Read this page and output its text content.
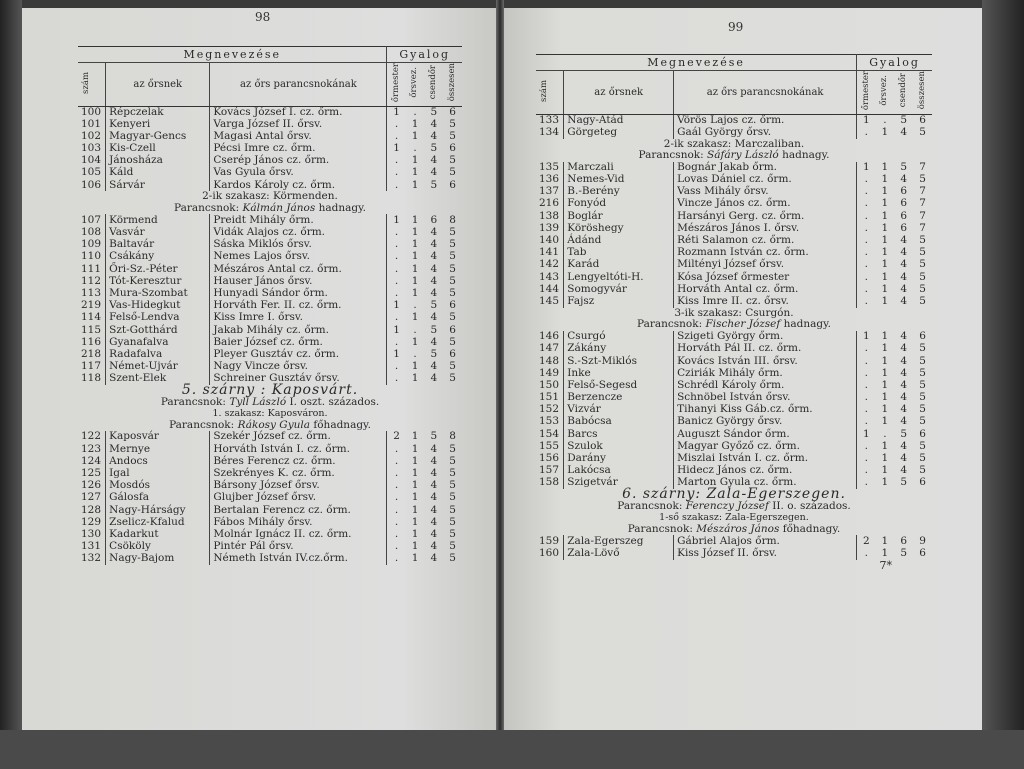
98
Megnevezése			Gyalog			
szám	az őrsnek	az őrs parancsnokának	őrmester	őrsvez.	csendőr	összesen
100	Répczelak	Kovács József I. cz. őrm.	1	.	5	6
101	Kenyeri	Varga József II. őrsv.	.	1	4	5
102	Magyar-Gencs	Magasi Antal őrsv.	.	1	4	5
103	Kis-Czell	Pécsi Imre cz. őrm.	1	.	5	6
104	Jánosháza	Cserép János cz. őrm.	.	1	4	5
105	Káld	Vas Gyula őrsv.	.	1	4	5
106	Sárvár	Kardos Károly cz. őrm.	.	1	5	6
2-ik szakasz: Körmenden.						
Parancsnok: Kálmán János hadnagy.						
107	Körmend	Preidt Mihály őrm.	1	1	6	8
108	Vasvár	Vidák Alajos cz. őrm.	.	1	4	5
109	Baltavár	Sáska Miklós őrsv.	.	1	4	5
110	Csákány	Nemes Lajos őrsv.	.	1	4	5
111	Őri-Sz.-Péter	Mészáros Antal cz. őrm.	.	1	4	5
112	Tót-Keresztur	Hauser János őrsv.	.	1	4	5
113	Mura-Szombat	Hunyadi Sándor őrm.	.	1	4	5
219	Vas-Hidegkut	Horváth Fer. II. cz. őrm.	1	.	5	6
114	Felső-Lendva	Kiss Imre I. őrsv.	.	1	4	5
115	Szt-Gotthárd	Jakab Mihály cz. őrm.	1	.	5	6
116	Gyanafalva	Baier József cz. őrm.	.	1	4	5
218	Radafalva	Pleyer Gusztáv cz. őrm.	1	.	5	6
117	Német-Ujvár	Nagy Vincze őrsv.	.	1	4	5
118	Szent-Elek	Schreiner Gusztáv őrsv.	.	1	4	5
5. szárny : Kaposvárt.						
Parancsnok: Tyll László I. oszt. százados.						
1. szakasz: Kaposváron.						
Parancsnok: Rákosy Gyula főhadnagy.						
122	Kaposvár	Szekér József cz. őrm.	2	1	5	8
123	Mernye	Horváth István I. cz. őrm.	.	1	4	5
124	Andocs	Béres Ferencz cz. őrm.	.	1	4	5
125	Igal	Szekrényes K. cz. őrm.	.	1	4	5
126	Mosdós	Bársony József őrsv.	.	1	4	5
127	Gálosfa	Glujber József őrsv.	.	1	4	5
128	Nagy-Hárságy	Bertalan Ferencz cz. őrm.	.	1	4	5
129	Zselicz-Kfalud	Fábos Mihály őrsv.	.	1	4	5
130	Kadarkut	Molnár Ignácz II. cz. őrm.	.	1	4	5
131	Csököly	Pintér Pál őrsv.	.	1	4	5
132	Nagy-Bajom	Németh István IV.cz.őrm.	.	1	4	5
99
Megnevezése			Gyalog			
szám	az őrsnek	az őrs parancsnokának	őrmester	őrsvez.	csendőr	összesen
133	Nagy-Atád	Vörös Lajos cz. őrm.	1	.	5	6
134	Görgeteg	Gaál György őrsv.	.	1	4	5
2-ik szakasz: Marczaliban.						
Parancsnok: Sáfáry László hadnagy.						
135	Marczali	Bognár Jakab őrm.	1	1	5	7
136	Nemes-Vid	Lovas Dániel cz. őrm.	.	1	4	5
137	B.-Berény	Vass Mihály őrsv.	.	1	6	7
216	Fonyód	Vincze János cz. őrm.	.	1	6	7
138	Boglár	Harsányi Gerg. cz. őrm.	.	1	6	7
139	Köröshegy	Mészáros János I. őrsv.	.	1	6	7
140	Ádánd	Réti Salamon cz. őrm.	.	1	4	5
141	Tab	Rozmann István cz. őrm.	.	1	4	5
142	Karád	Miltényi József őrsv.	.	1	4	5
143	Lengyeltóti-H.	Kósa József őrmester	.	1	4	5
144	Somogyvár	Horváth Antal cz. őrm.	.	1	4	5
145	Fajsz	Kiss Imre II. cz. őrsv.	.	1	4	5
3-ik szakasz: Csurgón.						
Parancsnok: Fischer József hadnagy.						
146	Csurgó	Szigeti György őrm.	1	1	4	6
147	Zákány	Horváth Pál II. cz. őrm.	.	1	4	5
148	S.-Szt-Miklós	Kovács István III. őrsv.	.	1	4	5
149	Inke	Cziriák Mihály őrm.	.	1	4	5
150	Felső-Segesd	Schrédl Károly őrm.	.	1	4	5
151	Berzencze	Schnöbel István őrsv.	.	1	4	5
152	Vizvár	Tihanyi Kiss Gáb.cz. őrm.	.	1	4	5
153	Babócsa	Banicz György őrsv.	.	1	4	5
154	Barcs	Auguszt Sándor őrm.	1	.	5	6
155	Szulok	Magyar Győző cz. őrm.	.	1	4	5
156	Darány	Miszlai István I. cz. őrm.	.	1	4	5
157	Lakócsa	Hidecz János cz. őrm.	.	1	4	5
158	Szigetvár	Marton Gyula cz. őrm.	.	1	5	6
6. szárny: Zala-Egerszegen.						
Parancsnok: Ferenczy József II. o. százados.						
1-ső szakasz: Zala-Egerszegen.						
Parancsnok: Mészáros János főhadnagy.						
159	Zala-Egerszeg	Gábriel Alajos őrm.	2	1	6	9
160	Zala-Lövő	Kiss József II. őrsv.	.	1	5	6
7*						
